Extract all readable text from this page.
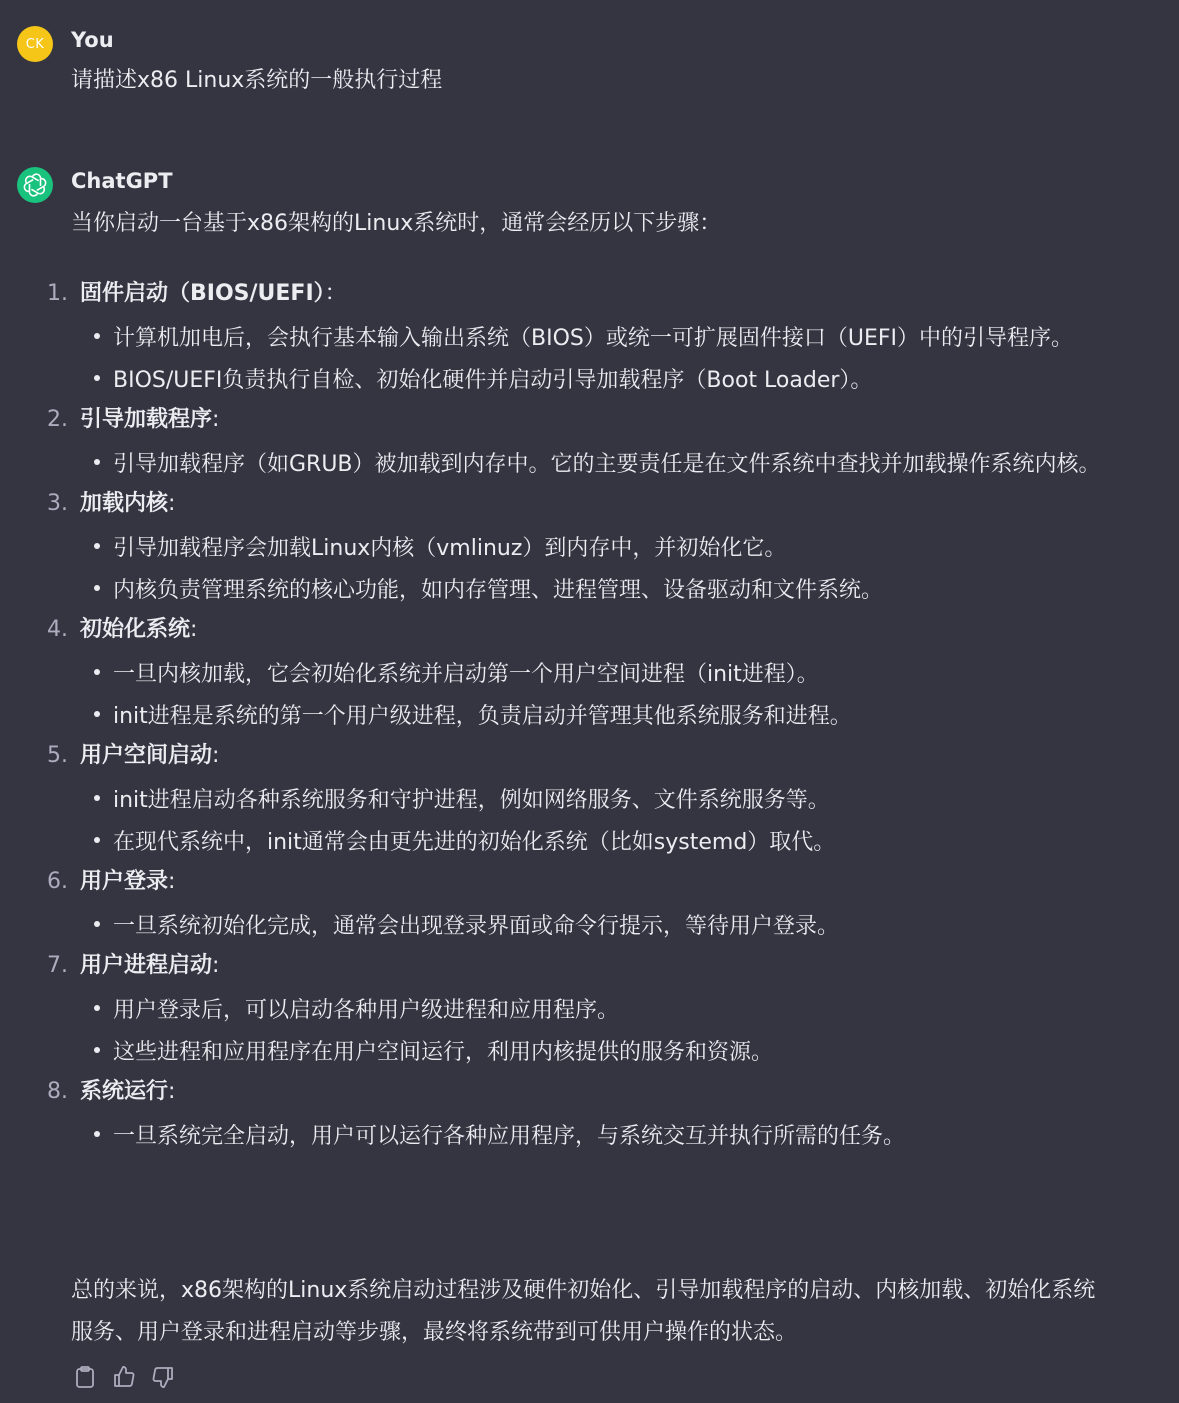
CK You
请描述x86 Linux系统的一般执行过程
ChatGPT
当你启动一台基于x86架构的Linux系统时，通常会经历以下步骤：
1. 固件启动（BIOS/UEFI）：
计算机加电后，会执行基本输入输出系统（BIOS）或统一可扩展固件接口（UEFI）中的引导程序。
BIOS/UEFI负责执行自检、初始化硬件并启动引导加载程序（Boot Loader）。
2. 引导加载程序:
引导加载程序（如GRUB）被加载到内存中。它的主要责任是在文件系统中查找并加载操作系统内核。
3. 加载内核:
引导加载程序会加载Linux内核（vmlinuz）到内存中，并初始化它。
内核负责管理系统的核心功能，如内存管理、进程管理、设备驱动和文件系统。
4. 初始化系统:
一旦内核加载，它会初始化系统并启动第一个用户空间进程（init进程）。
init进程是系统的第一个用户级进程，负责启动并管理其他系统服务和进程。
5. 用户空间启动:
init进程启动各种系统服务和守护进程，例如网络服务、文件系统服务等。
在现代系统中，init通常会由更先进的初始化系统（比如systemd）取代。
6. 用户登录:
一旦系统初始化完成，通常会出现登录界面或命令行提示，等待用户登录。
7. 用户进程启动:
用户登录后，可以启动各种用户级进程和应用程序。
这些进程和应用程序在用户空间运行，利用内核提供的服务和资源。
8. 系统运行:
一旦系统完全启动，用户可以运行各种应用程序，与系统交互并执行所需的任务。
总的来说，x86架构的Linux系统启动过程涉及硬件初始化、引导加载程序的启动、内核加载、初始化系统服务、用户登录和进程启动等步骤，最终将系统带到可供用户操作的状态。
